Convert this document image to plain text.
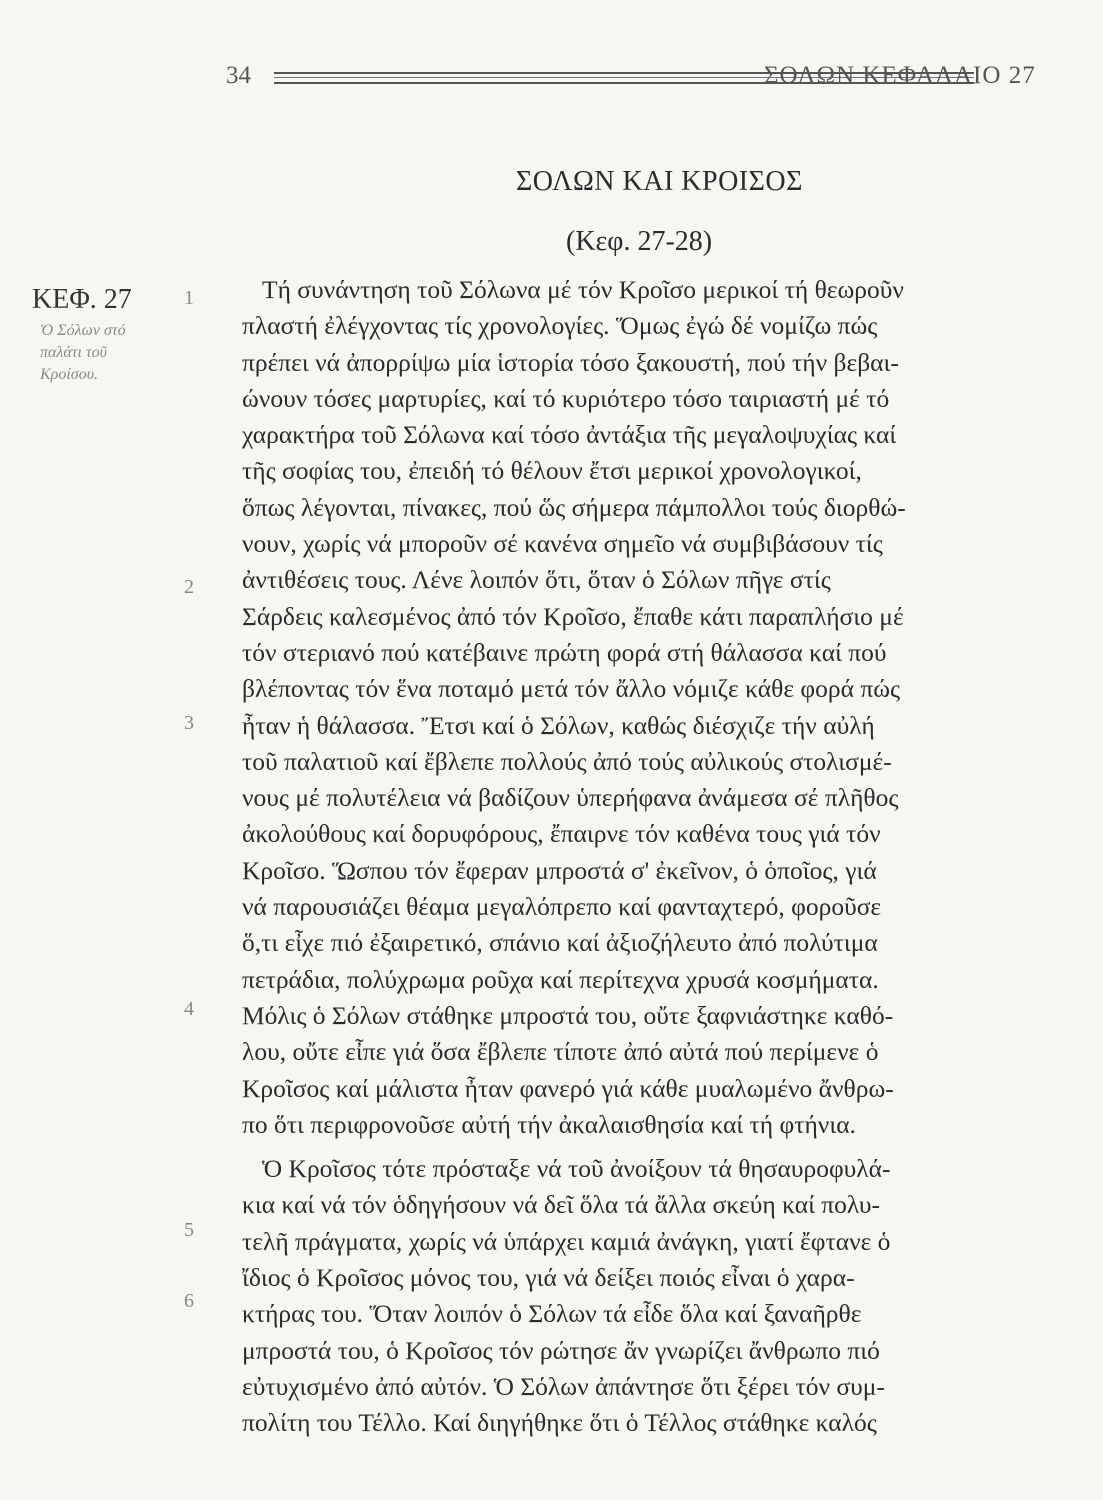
34	ΣΟΛΩΝ ΚΕΦΑΛΑΙΟ 27
ΣΟΛΩΝ ΚΑΙ ΚΡΟΙΣΟΣ
(Κεφ. 27-28)
ΚΕΦ. 27
Ὁ Σόλων στό
παλάτι τοῦ
Κροίσου.
1
2
3
4
5
6

Τή συνάντηση τοῦ Σόλωνα μέ τόν Κροῖσο μερικοί τή θεωροῦν
πλαστή ἐλέγχοντας τίς χρονολογίες. Ὅμως ἐγώ δέ νομίζω πώς
πρέπει νά ἀπορρίψω μία ἱστορία τόσο ξακουστή, πού τήν βεβαι-
ώνουν τόσες μαρτυρίες, καί τό κυριότερο τόσο ταιριαστή μέ τό
χαρακτήρα τοῦ Σόλωνα καί τόσο ἀντάξια τῆς μεγαλοψυχίας καί
τῆς σοφίας του, ἐπειδή τό θέλουν ἔτσι μερικοί χρονολογικοί,
ὅπως λέγονται, πίνακες, πού ὥς σήμερα πάμπολλοι τούς διορθώ-
νουν, χωρίς νά μποροῦν σέ κανένα σημεῖο νά συμβιβάσουν τίς
ἀντιθέσεις τους. Λένε λοιπόν ὅτι, ὅταν ὁ Σόλων πῆγε στίς
Σάρδεις καλεσμένος ἀπό τόν Κροῖσο, ἔπαθε κάτι παραπλήσιο μέ
τόν στεριανό πού κατέβαινε πρώτη φορά στή θάλασσα καί πού
βλέποντας τόν ἕνα ποταμό μετά τόν ἄλλο νόμιζε κάθε φορά πώς
ἦταν ἡ θάλασσα. Ἔτσι καί ὁ Σόλων, καθώς διέσχιζε τήν αὐλή
τοῦ παλατιοῦ καί ἔβλεπε πολλούς ἀπό τούς αὐλικούς στολισμέ-
νους μέ πολυτέλεια νά βαδίζουν ὑπερήφανα ἀνάμεσα σέ πλῆθος
ἀκολούθους καί δορυφόρους, ἔπαιρνε τόν καθένα τους γιά τόν
Κροῖσο. Ὥσπου τόν ἔφεραν μπροστά σ' ἐκεῖνον, ὁ ὁποῖος, γιά
νά παρουσιάζει θέαμα μεγαλόπρεπο καί φανταχτερό, φοροῦσε
ὅ,τι εἶχε πιό ἐξαιρετικό, σπάνιο καί ἀξιοζήλευτο ἀπό πολύτιμα
πετράδια, πολύχρωμα ροῦχα καί περίτεχνα χρυσά κοσμήματα.
Μόλις ὁ Σόλων στάθηκε μπροστά του, οὔτε ξαφνιάστηκε καθό-
λου, οὔτε εἶπε γιά ὅσα ἔβλεπε τίποτε ἀπό αὐτά πού περίμενε ὁ
Κροῖσος καί μάλιστα ἦταν φανερό γιά κάθε μυαλωμένο ἄνθρω-
πο ὅτι περιφρονοῦσε αὐτή τήν ἀκαλαισθησία καί τή φτήνια.

Ὁ Κροῖσος τότε πρόσταξε νά τοῦ ἀνοίξουν τά θησαυροφυλά-
κια καί νά τόν ὁδηγήσουν νά δεῖ ὅλα τά ἄλλα σκεύη καί πολυ-
τελῆ πράγματα, χωρίς νά ὑπάρχει καμιά ἀνάγκη, γιατί ἔφτανε ὁ
ἴδιος ὁ Κροῖσος μόνος του, γιά νά δείξει ποιός εἶναι ὁ χαρα-
κτήρας του. Ὅταν λοιπόν ὁ Σόλων τά εἶδε ὅλα καί ξαναῆρθε
μπροστά του, ὁ Κροῖσος τόν ρώτησε ἄν γνωρίζει ἄνθρωπο πιό
εὐτυχισμένο ἀπό αὐτόν. Ὁ Σόλων ἀπάντησε ὅτι ξέρει τόν συμ-
πολίτη του Τέλλο. Καί διηγήθηκε ὅτι ὁ Τέλλος στάθηκε καλός
